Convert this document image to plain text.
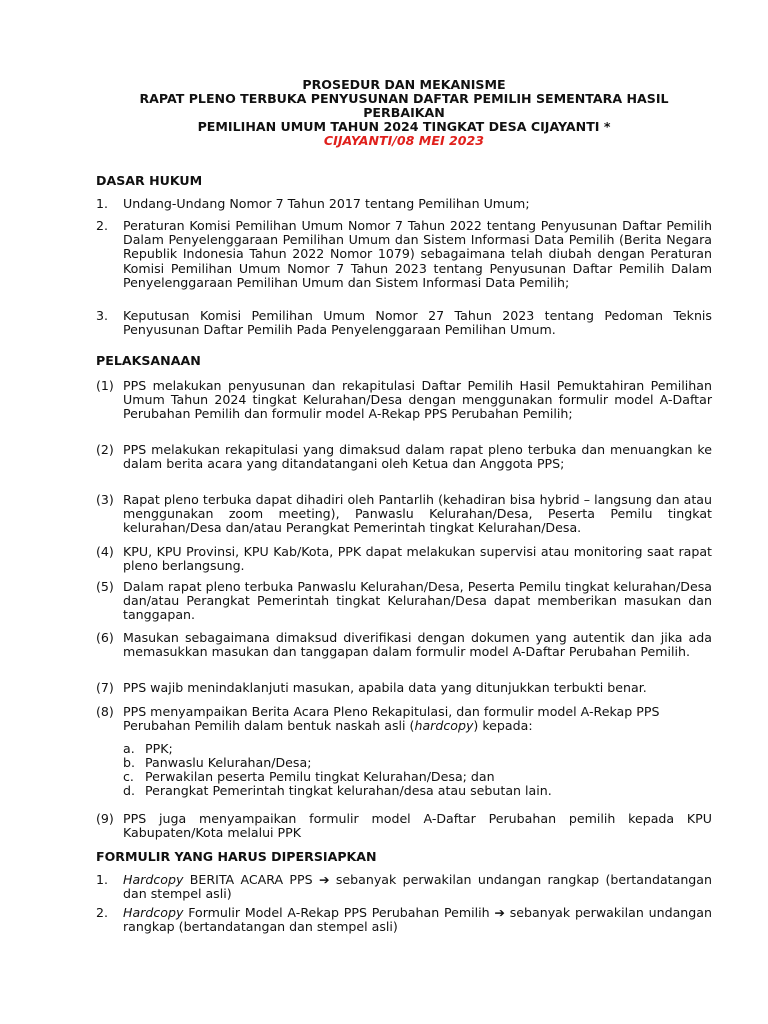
PROSEDUR DAN MEKANISME
RAPAT PLENO TERBUKA PENYUSUNAN DAFTAR PEMILIH SEMENTARA HASIL
PERBAIKAN
PEMILIHAN UMUM TAHUN 2024 TINGKAT DESA CIJAYANTI *
CIJAYANTI/08 MEI 2023
DASAR HUKUM
1. Undang-Undang Nomor 7 Tahun 2017 tentang Pemilihan Umum;
2. Peraturan Komisi Pemilihan Umum Nomor 7 Tahun 2022 tentang Penyusunan Daftar Pemilih Dalam Penyelenggaraan Pemilihan Umum dan Sistem Informasi Data Pemilih (Berita Negara Republik Indonesia Tahun 2022 Nomor 1079) sebagaimana telah diubah dengan Peraturan Komisi Pemilihan Umum Nomor 7 Tahun 2023 tentang Penyusunan Daftar Pemilih Dalam Penyelenggaraan Pemilihan Umum dan Sistem Informasi Data Pemilih;
3. Keputusan Komisi Pemilihan Umum Nomor 27 Tahun 2023 tentang Pedoman Teknis Penyusunan Daftar Pemilih Pada Penyelenggaraan Pemilihan Umum.
PELAKSANAAN
(1) PPS melakukan penyusunan dan rekapitulasi Daftar Pemilih Hasil Pemuktahiran Pemilihan Umum Tahun 2024 tingkat Kelurahan/Desa dengan menggunakan formulir model A-Daftar Perubahan Pemilih dan formulir model A-Rekap PPS Perubahan Pemilih;
(2) PPS melakukan rekapitulasi yang dimaksud dalam rapat pleno terbuka dan menuangkan ke dalam berita acara yang ditandatangani oleh Ketua dan Anggota PPS;
(3) Rapat pleno terbuka dapat dihadiri oleh Pantarlih (kehadiran bisa hybrid – langsung dan atau menggunakan zoom meeting), Panwaslu Kelurahan/Desa, Peserta Pemilu tingkat kelurahan/Desa dan/atau Perangkat Pemerintah tingkat Kelurahan/Desa.
(4) KPU, KPU Provinsi, KPU Kab/Kota, PPK dapat melakukan supervisi atau monitoring saat rapat pleno berlangsung.
(5) Dalam rapat pleno terbuka Panwaslu Kelurahan/Desa, Peserta Pemilu tingkat kelurahan/Desa dan/atau Perangkat Pemerintah tingkat Kelurahan/Desa dapat memberikan masukan dan tanggapan.
(6) Masukan sebagaimana dimaksud diverifikasi dengan dokumen yang autentik dan jika ada memasukkan masukan dan tanggapan dalam formulir model A-Daftar Perubahan Pemilih.
(7) PPS wajib menindaklanjuti masukan, apabila data yang ditunjukkan terbukti benar.
(8) PPS menyampaikan Berita Acara Pleno Rekapitulasi, dan formulir model A-Rekap PPS Perubahan Pemilih dalam bentuk naskah asli (hardcopy) kepada:
a. PPK;
b. Panwaslu Kelurahan/Desa;
c. Perwakilan peserta Pemilu tingkat Kelurahan/Desa; dan
d. Perangkat Pemerintah tingkat kelurahan/desa atau sebutan lain.
(9) PPS juga menyampaikan formulir model A-Daftar Perubahan pemilih kepada KPU Kabupaten/Kota melalui PPK
FORMULIR YANG HARUS DIPERSIAPKAN
1. Hardcopy BERITA ACARA PPS ➔ sebanyak perwakilan undangan rangkap (bertandatangan dan stempel asli)
2. Hardcopy Formulir Model A-Rekap PPS Perubahan Pemilih ➔ sebanyak perwakilan undangan rangkap (bertandatangan dan stempel asli)
